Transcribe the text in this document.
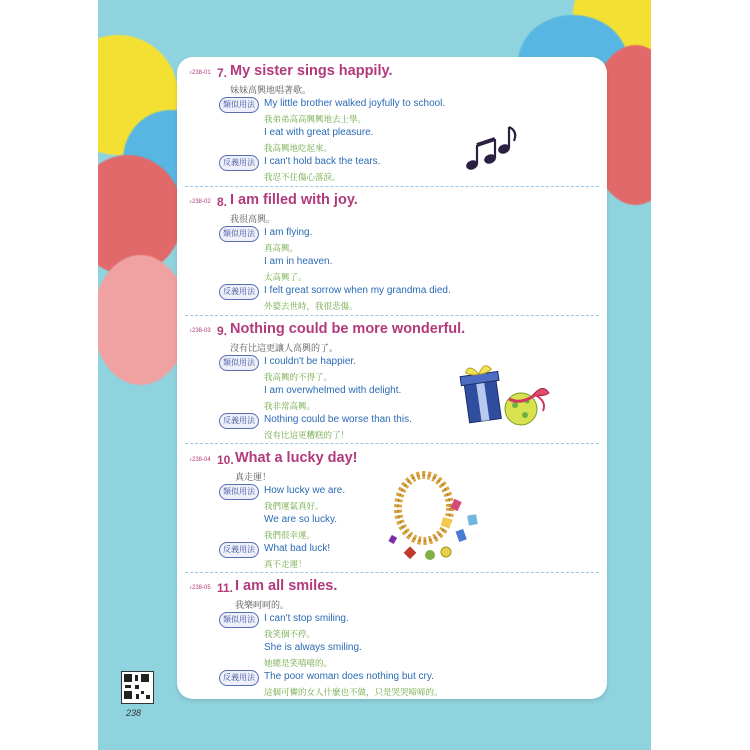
♪238-01 7. My sister sings happily.
妹妹高興地唱著歌。
類似用法 My little brother walked joyfully to school.
我弟弟高高興興地去上學。
I eat with great pleasure.
我高興地吃起來。
反義用法 I can't hold back the tears.
我忍不住傷心落淚。
♪238-02 8. I am filled with joy.
我很高興。
類似用法 I am flying.
真高興。
I am in heaven.
太高興了。
反義用法 I felt great sorrow when my grandma died.
外婆去世時，我很悲傷。
♪238-03 9. Nothing could be more wonderful.
沒有比這更讓人高興的了。
類似用法 I couldn't be happier.
我高興的不得了。
I am overwhelmed with delight.
我非常高興。
反義用法 Nothing could be worse than this.
沒有比這更糟糕的了！
♪238-04 10. What a lucky day!
真走運！
類似用法 How lucky we are.
我們運氣真好。
We are so lucky.
我們很幸運。
反義用法 What bad luck!
真不走運！
♪238-05 11. I am all smiles.
我樂呵呵的。
類似用法 I can't stop smiling.
我笑個不停。
She is always smiling.
她總是笑嘻嘻的。
反義用法 The poor woman does nothing but cry.
這個可憐的女人什麼也不做，只是哭哭啼啼的。
238
